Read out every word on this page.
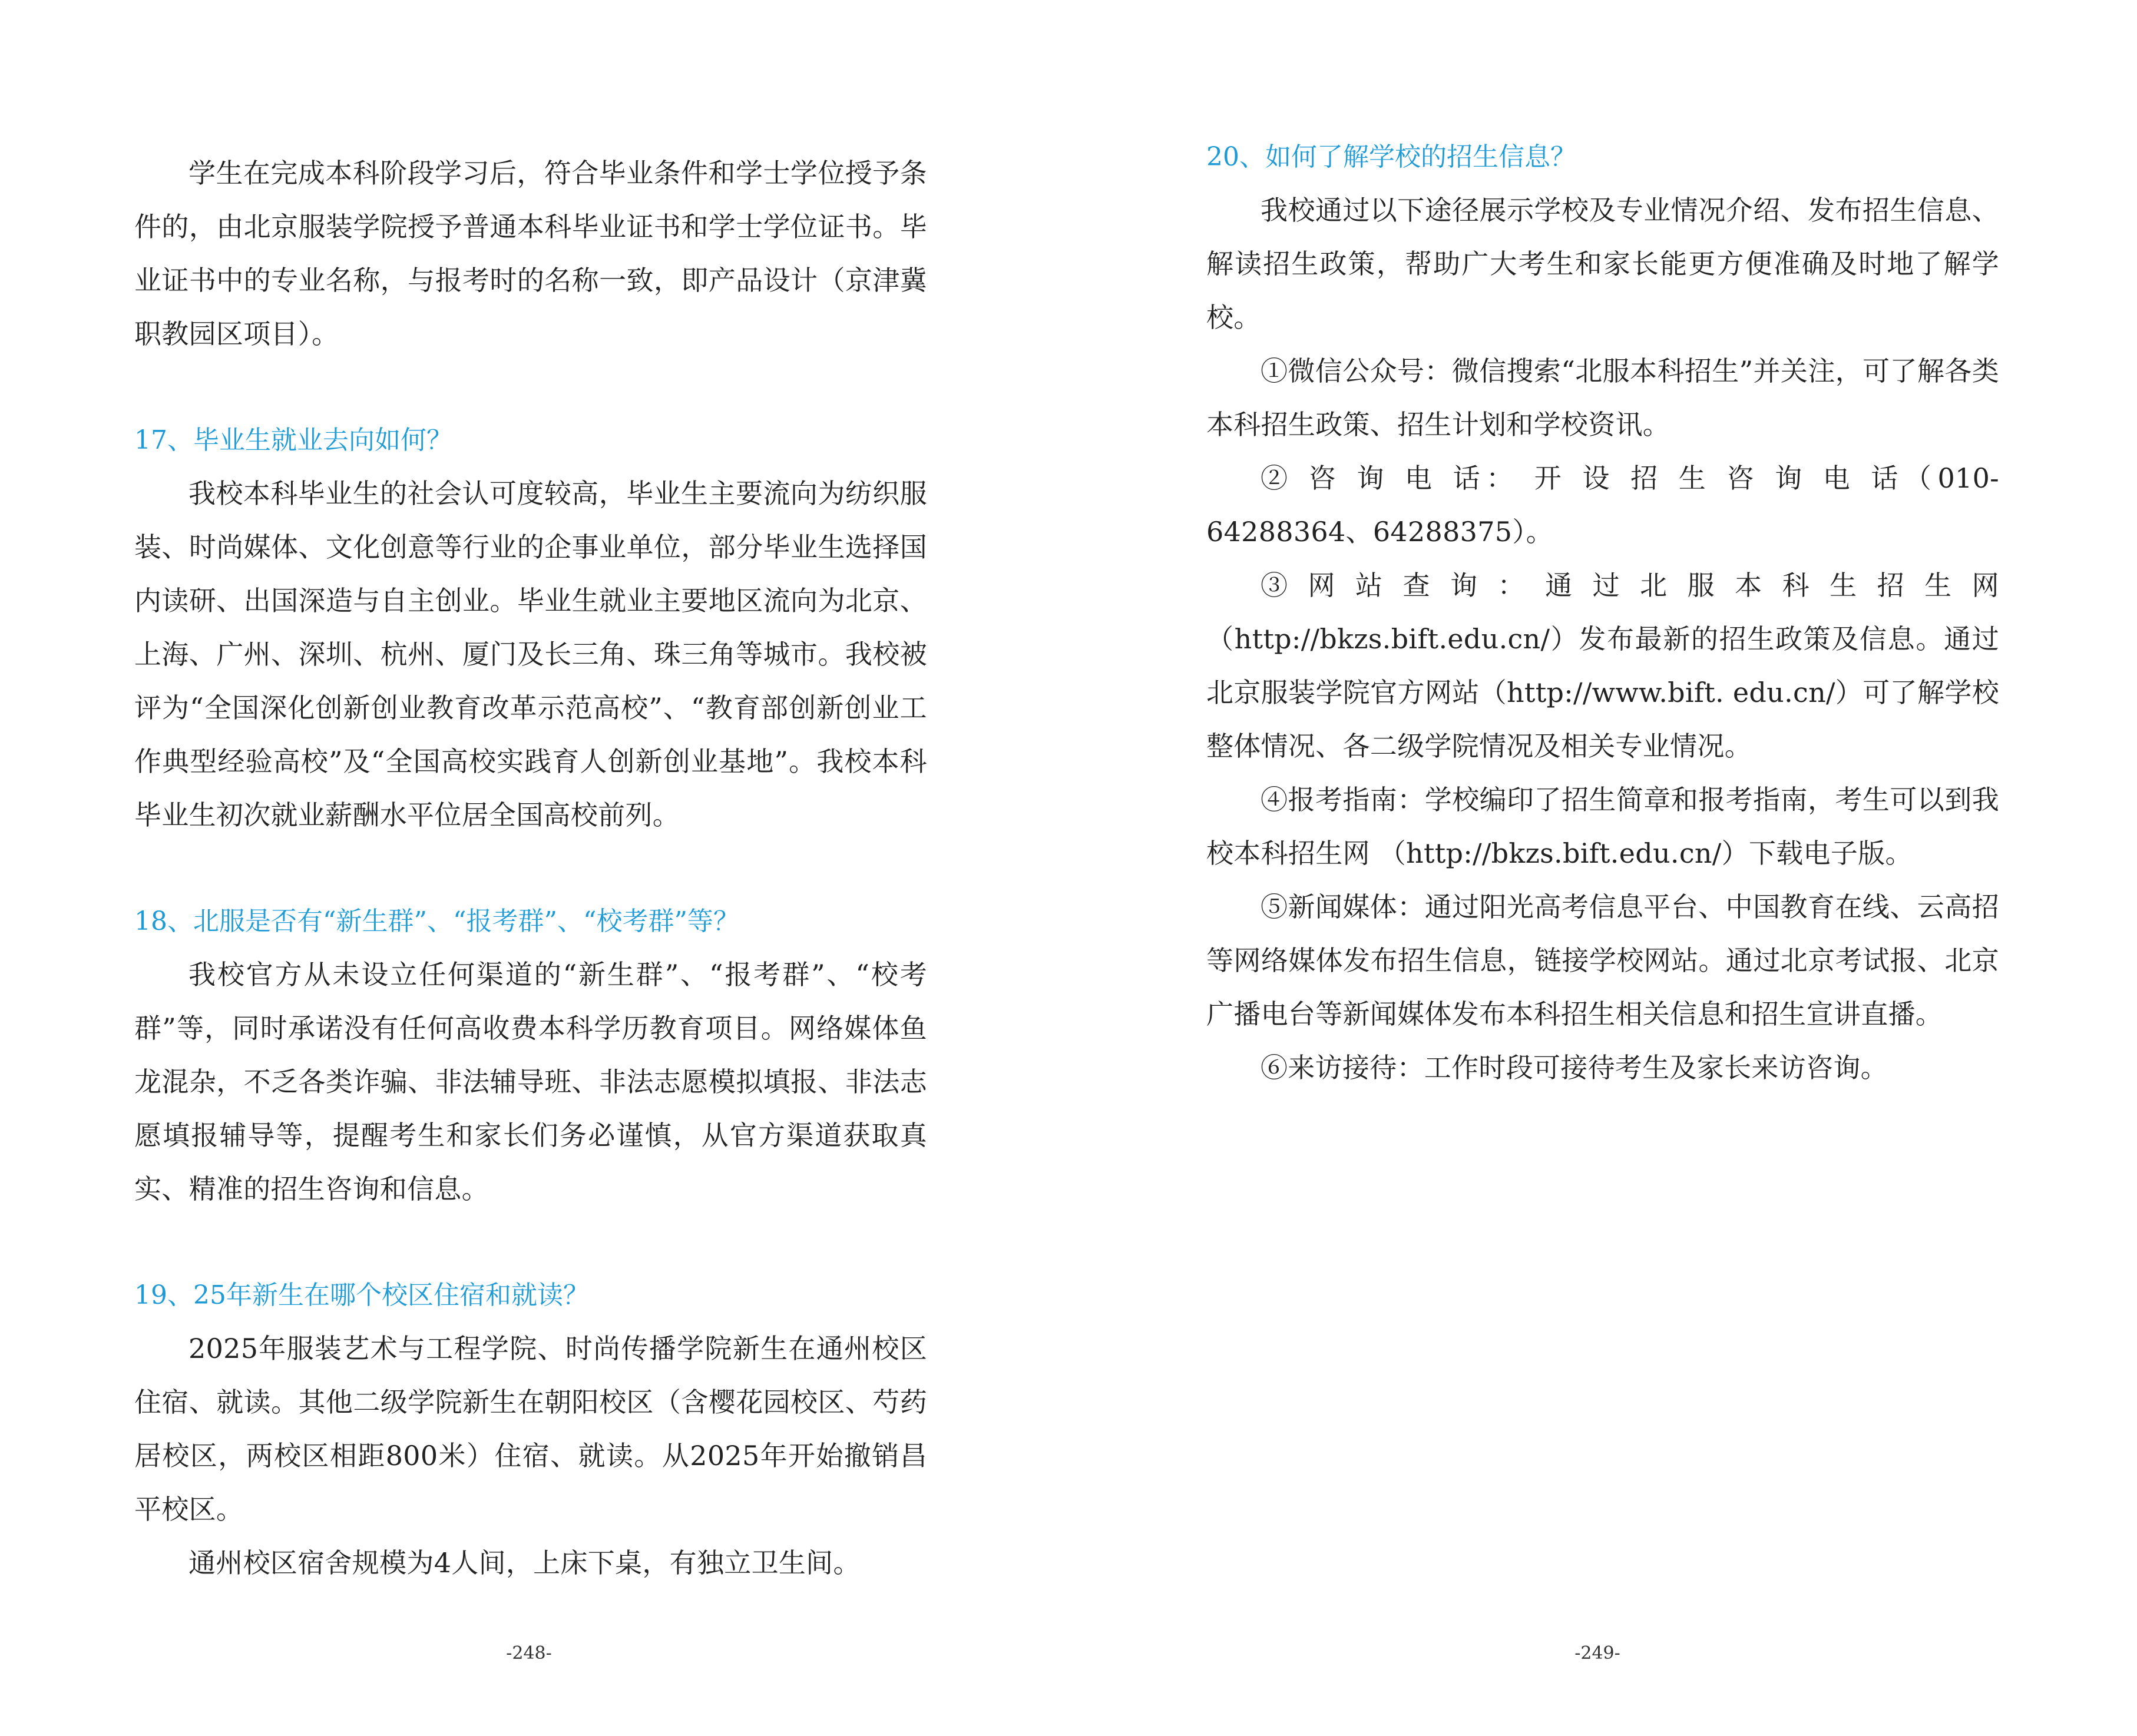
学生在完成本科阶段学习后，符合毕业条件和学士学位授予条件的，由北京服装学院授予普通本科毕业证书和学士学位证书。毕业证书中的专业名称，与报考时的名称一致，即产品设计（京津冀职教园区项目）。

17、毕业生就业去向如何？

我校本科毕业生的社会认可度较高，毕业生主要流向为纺织服装、时尚媒体、文化创意等行业的企事业单位，部分毕业生选择国内读研、出国深造与自主创业。毕业生就业主要地区流向为北京、上海、广州、深圳、杭州、厦门及长三角、珠三角等城市。我校被评为“全国深化创新创业教育改革示范高校”、“教育部创新创业工作典型经验高校”及“全国高校实践育人创新创业基地”。我校本科毕业生初次就业薪酬水平位居全国高校前列。

18、北服是否有“新生群”、“报考群”、“校考群”等？

我校官方从未设立任何渠道的“新生群”、“报考群”、“校考群”等，同时承诺没有任何高收费本科学历教育项目。网络媒体鱼龙混杂，不乏各类诈骗、非法辅导班、非法志愿模拟填报、非法志愿填报辅导等，提醒考生和家长们务必谨慎，从官方渠道获取真实、精准的招生咨询和信息。

19、25年新生在哪个校区住宿和就读？

2025年服装艺术与工程学院、时尚传播学院新生在通州校区住宿、就读。其他二级学院新生在朝阳校区（含樱花园校区、芍药居校区，两校区相距800米）住宿、就读。从2025年开始撤销昌平校区。

通州校区宿舍规模为4人间，上床下桌，有独立卫生间。

-248-
20、如何了解学校的招生信息？

我校通过以下途径展示学校及专业情况介绍、发布招生信息、解读招生政策，帮助广大考生和家长能更方便准确及时地了解学校。

①微信公众号：微信搜索“北服本科招生”并关注，可了解各类本科招生政策、招生计划和学校资讯。

② 咨 询 电 话： 开 设 招 生 咨 询 电 话（010-64288364、64288375）。

③网站查询：通过北服本科生招生网 （http://bkzs.bift.edu.cn/）发布最新的招生政策及信息。通过北京服装学院官方网站（http://www.bift. edu.cn/）可了解学校整体情况、各二级学院情况及相关专业情况。

④报考指南：学校编印了招生简章和报考指南，考生可以到我校本科招生网 （http://bkzs.bift.edu.cn/）下载电子版。

⑤新闻媒体：通过阳光高考信息平台、中国教育在线、云高招等网络媒体发布招生信息，链接学校网站。通过北京考试报、北京广播电台等新闻媒体发布本科招生相关信息和招生宣讲直播。

⑥来访接待：工作时段可接待考生及家长来访咨询。

-249-
